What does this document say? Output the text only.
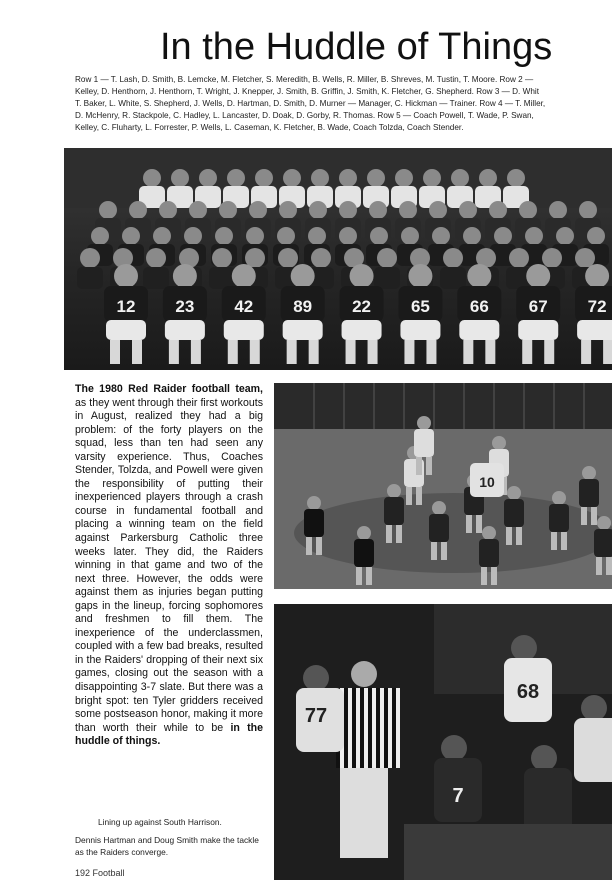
In the Huddle of Things
Row 1 — T. Lash, D. Smith, B. Lemcke, M. Fletcher, S. Meredith, B. Wells, R. Miller, B. Shreves, M. Tustin, T. Moore. Row 2 —
Kelley, D. Henthorn, J. Henthorn, T. Wright, J. Knepper, J. Smith, B. Griffin, J. Smith, K. Fletcher, G. Shepherd. Row 3 — D. Whit
T. Baker, L. White, S. Shepherd, J. Wells, D. Hartman, D. Smith, D. Murner — Manager, C. Hickman — Trainer. Row 4 — T. Miller,
D. McHenry, R. Stackpole, C. Hadley, L. Lancaster, D. Doak, D. Gorby, R. Thomas. Row 5 — Coach Powell, T. Wade, P. Swan,
Kelley, C. Fluharty, L. Forrester, P. Wells, L. Caseman, K. Fletcher, B. Wade, Coach Tolzda, Coach Stender.
12 23 42 89 22 65 66 67 72
10
77
68
7
The 1980 Red Raider football team, as they went through their first workouts in August, realized they had a big problem: of the forty players on the squad, less than ten had seen any varsity experience. Thus, Coaches Stender, Tolzda, and Powell were given the responsibility of putting their inexperienced players through a crash course in fundamental football and placing a winning team on the field against Parkersburg Catholic three weeks later. They did, the Raiders winning in that game and two of the next three. However, the odds were against them as injuries began putting gaps in the lineup, forcing sophomores and freshmen to fill them. The inexperience of the underclassmen, coupled with a few bad breaks, resulted in the Raiders' dropping of their next six games, closing out the season with a disappointing 3-7 slate. But there was a bright spot: ten Tyler gridders received some postseason honor, making it more than worth their while to be in the huddle of things.
Lining up against South Harrison.
Dennis Hartman and Doug Smith make the tackle as the Raiders converge.
192 Football
